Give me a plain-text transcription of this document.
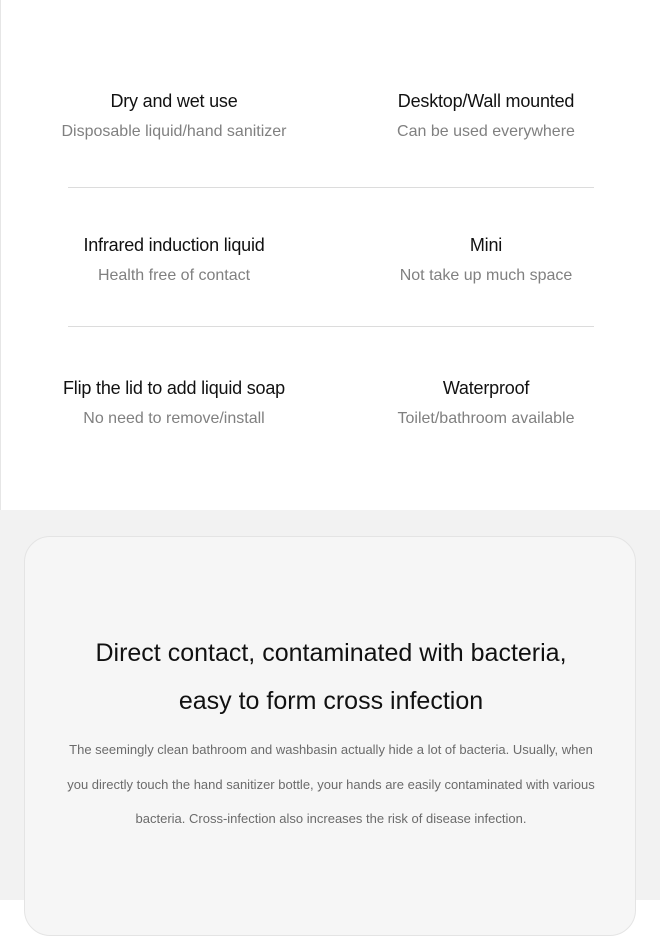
Dry and wet use
Disposable liquid/hand sanitizer
Desktop/Wall mounted
Can be used everywhere
Infrared induction liquid
Health free of contact
Mini
Not take up much space
Flip the lid to add liquid soap
No need to remove/install
Waterproof
Toilet/bathroom available
Direct contact, contaminated with bacteria,
easy to form cross infection
The seemingly clean bathroom and washbasin actually hide a lot of bacteria. Usually, when
you directly touch the hand sanitizer bottle, your hands are easily contaminated with various
bacteria. Cross-infection also increases the risk of disease infection.
